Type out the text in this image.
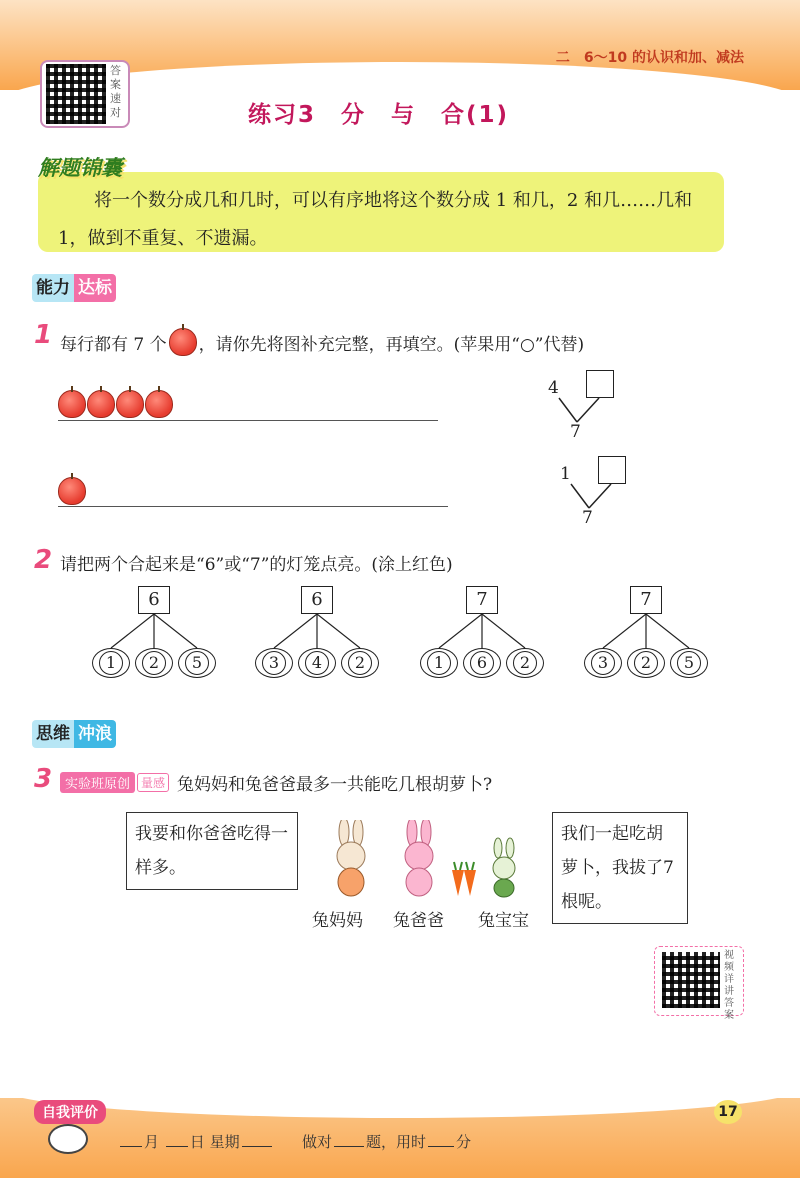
二　6～10 的认识和加、减法
答案速对	练习3　分　与　合(1)
解题锦囊
将一个数分成几和几时，可以有序地将这个数分成 1 和几，2 和几……几和 1，做到不重复、不遗漏。
能力 达标
1 每行都有 7 个 ，请你先将图补充完整，再填空。(苹果用“○”代替)
4
7
1
7
2 请把两个合起来是“6”或“7”的灯笼点亮。(涂上红色)
6
1	2	5
6
3	4	2
7
1	6	2
7
3	2	5
思维 冲浪
3 实验班原创 量感 兔妈妈和兔爸爸最多一共能吃几根胡萝卜?
我要和你爸爸吃得一样多。
我们一起吃胡萝卜，我拔了7根呢。
兔妈妈 兔爸爸 兔宝宝
视频详讲答案
自我评价	17
月 日 星期	做对 题，用时 分
